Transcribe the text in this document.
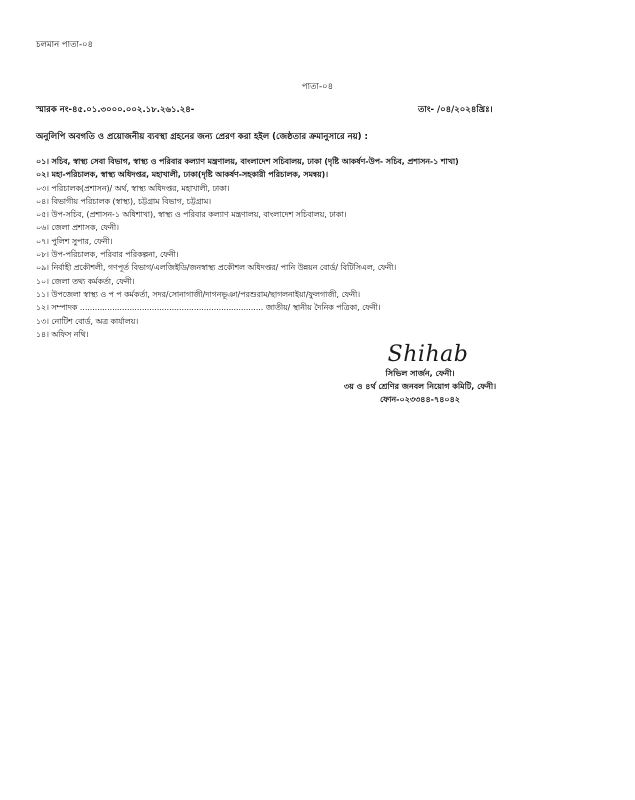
চলমান পাতা-০৪
পাতা-০৪
স্মারক নং-৪৫.০১.৩০০০.০০২.১৮.২৬১.২৪-	তাং- /০৪/২০২৪খ্রিঃ।
অনুলিপি অবগতি ও প্রয়োজনীয় ব্যবস্থা গ্রহনের জন্য প্রেরণ করা হইল (জেষ্ঠতার ক্রমানুসারে নয়) :
০১। সচিব, স্বাস্থ্য সেবা বিভাগ, স্বাস্থ্য ও পরিবার কল্যাণ মন্ত্রণালয়, বাংলাদেশ সচিবালয়, ঢাকা (দৃষ্টি আকর্ষণ-উপ- সচিব, প্রশাসন-১ শাখা)
০২। মহা-পরিচালক, স্বাস্থ্য অধিদপ্তর, মহাখালী, ঢাকা(দৃষ্টি আকর্ষণ-সহকারী পরিচালক, সমন্বয়)।
০৩। পরিচালক(প্রশাসন)/ অর্থ, স্বাস্থ্য অধিদপ্তর, মহাখালী, ঢাকা।
০৪। বিভাগীয় পরিচালক (স্বাস্থ্য), চট্টগ্রাম বিভাগ, চট্টগ্রাম।
০৫। উপ-সচিব, (প্রশাসন-১ অধিশাখা), স্বাস্থ্য ও পরিবার কল্যাণ মন্ত্রণালয়, বাংলাদেশ সচিবালয়, ঢাকা।
০৬। জেলা প্রশাসক, ফেনী।
০৭। পুলিশ সুপার, ফেনী।
০৮। উপ-পরিচালক, পরিবার পরিকল্পনা, ফেনী।
০৯। নির্বাহী প্রকৌশলী, গণপূর্ত বিভাগ/এলজিইডি/জনস্বাস্থ্য প্রকৌশল অধিদপ্তর/ পানি উন্নয়ন বোর্ড/ বিটিসিএল, ফেনী।
১০। জেলা তথ্য কর্মকর্তা, ফেনী।
১১। উপজেলা স্বাস্থ্য ও প প কর্মকর্তা, সদর/সোনাগাজী/দাগনভূঞা/পরশুরাম/ছাগলনাইয়া/ফুলগাজী, ফেনী।
১২। সম্পাদক .......................................................................... জাতীয়/ স্থানীয় দৈনিক পত্রিকা, ফেনী।
১৩। নোটিশ বোর্ড, অত্র কার্যালয়।
১৪। অফিস নথি।
Shihab
সিভিল সার্জন, ফেনী।
৩য় ও ৪র্থ শ্রেণির জনবল নিয়োগ কমিটি, ফেনী।
ফোন-০২৩৩৪৪-৭৪০৪২
